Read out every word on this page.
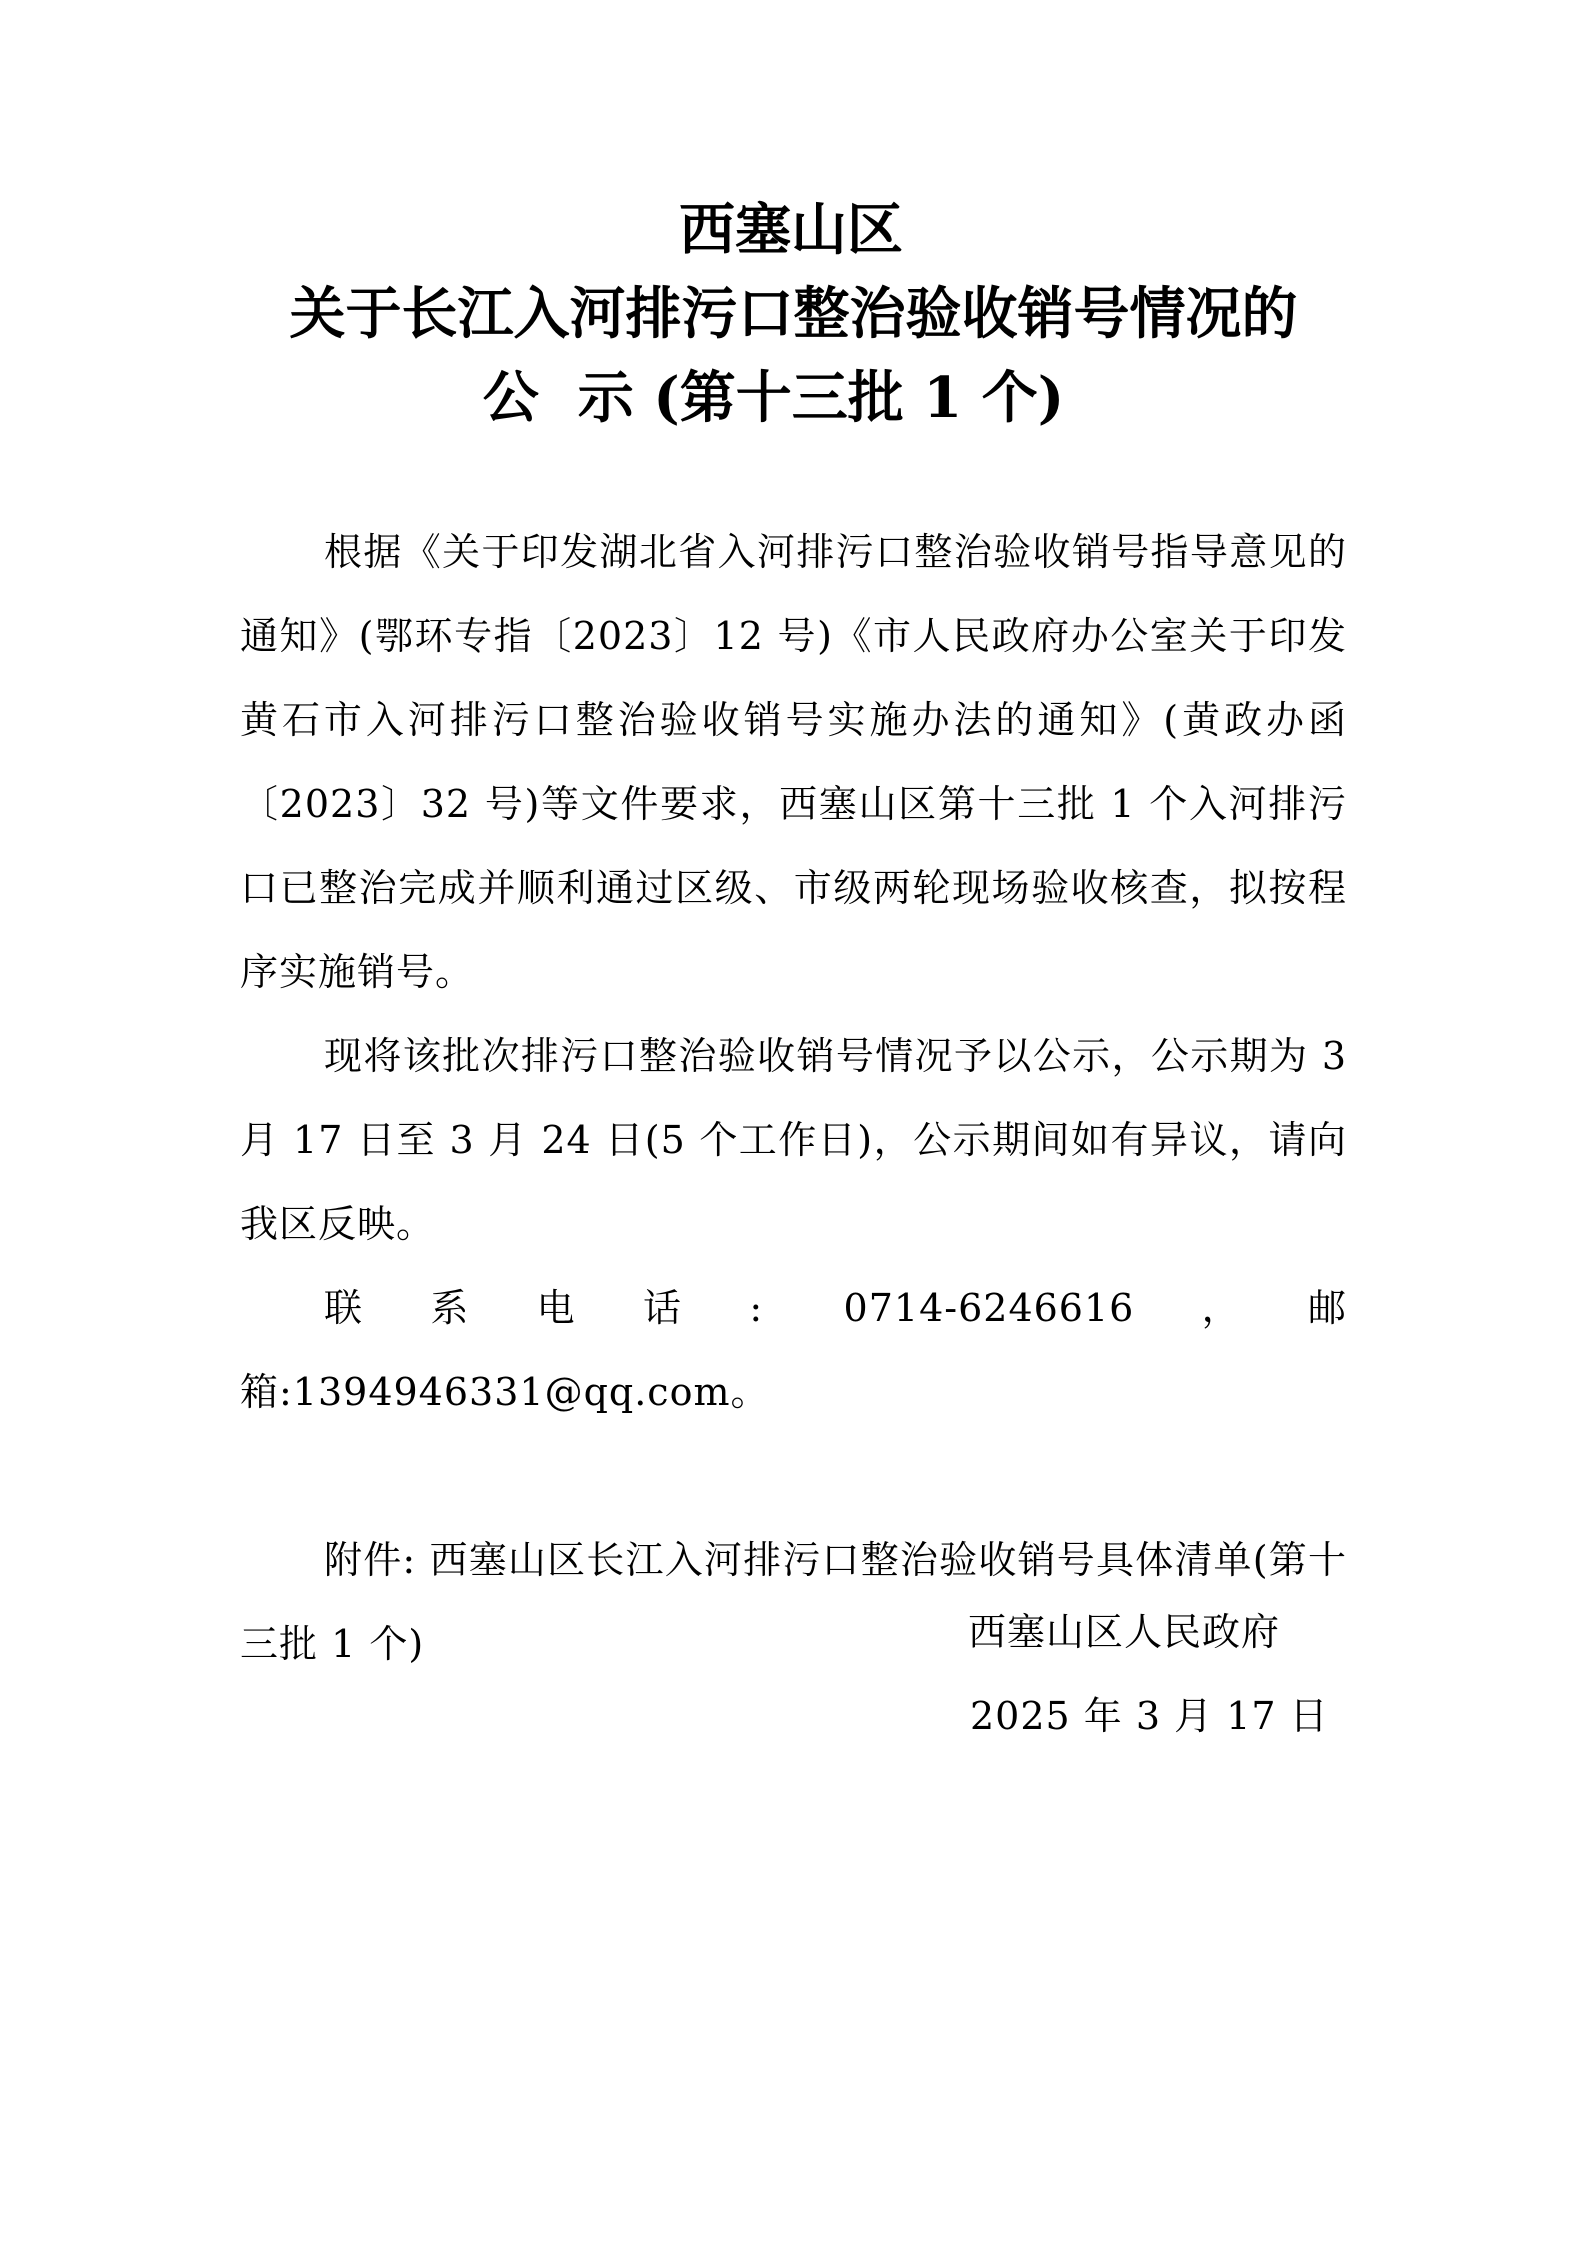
西塞山区
关于长江入河排污口整治验收销号情况的
公  示 (第十三批 1 个)

根据《关于印发湖北省入河排污口整治验收销号指导意见的通知》(鄂环专指〔2023〕12 号)《市人民政府办公室关于印发黄石市入河排污口整治验收销号实施办法的通知》(黄政办函〔2023〕32 号)等文件要求，西塞山区第十三批 1 个入河排污口已整治完成并顺利通过区级、市级两轮现场验收核查，拟按程序实施销号。

现将该批次排污口整治验收销号情况予以公示，公示期为 3 月 17 日至 3 月 24 日(5 个工作日)，公示期间如有异议，请向我区反映。

联系电话: 0714-6246616，邮箱:1394946331@qq.com。

附件: 西塞山区长江入河排污口整治验收销号具体清单(第十三批 1 个)	西塞山区人民政府
2025 年 3 月 17 日
